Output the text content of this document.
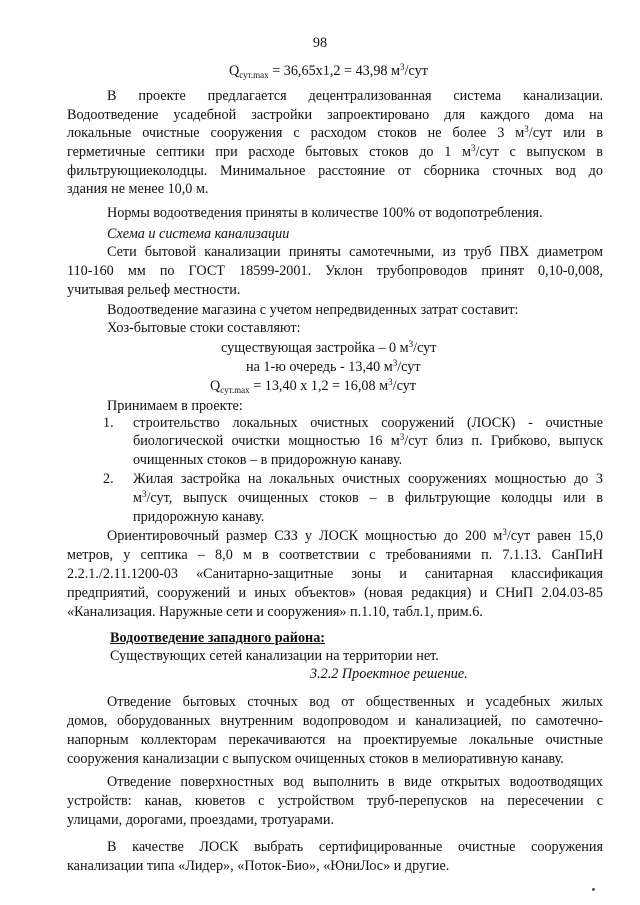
98
$Q_{сут.max} = 36,65x1,2 = 43,98$ $м^3$/сут
В проекте предлагается децентрализованная система канализации.
Водоотведение усадебной застройки запроектировано для каждого дома на
локальные очистные сооружения с расходом стоков не более 3 $м^3$/сут или в
герметичные септики при расходе бытовых стоков до 1 $м^3$/сут с выпуском в
фильтрующиеколодцы. Минимальное расстояние от сборника сточных вод до
здания не менее 10,0 м.
Нормы водоотведения приняты в количестве 100% от водопотребления.
Схема и система канализации
Сети бытовой канализации приняты самотечными, из труб ПВХ диаметром
110-160 мм по ГОСТ 18599-2001. Уклон трубопроводов принят 0,10-0,008,
учитывая рельеф местности.
Водоотведение магазина с учетом непредвиденных затрат составит:
Хоз-бытовые стоки составляют:
существующая застройка – 0 $м^3$/сут
на 1-ю очередь - 13,40 $м^3$/сут
$Q_{сут.max} = 13,40$ х 1,2 = 16,08 $м^3$/сут
Принимаем в проекте:
1. строительство локальных очистных сооружений (ЛОСК) - очистные
биологической очистки мощностью 16 $м^3$/сут близ п. Грибково, выпуск
очищенных стоков – в придорожную канаву.
2. Жилая застройка на локальных очистных сооружениях мощностью до 3
$м^3$/сут, выпуск очищенных стоков – в фильтрующие колодцы или в
придорожную канаву.
Ориентировочный размер СЗЗ у ЛОСК мощностью до 200 $м^3$/сут равен 15,0
метров, у септика – 8,0 м в соответствии с требованиями п. 7.1.13. СанПиН
2.2.1./2.11.1200-03 «Санитарно-защитные зоны и санитарная классификация
предприятий, сооружений и иных объектов» (новая редакция) и СНиП 2.04.03-85
«Канализация. Наружные сети и сооружения» п.1.10, табл.1, прим.6.
Водоотведение западного района:
Существующих сетей канализации на территории нет.
3.2.2 Проектное решение.
Отведение бытовых сточных вод от общественных и усадебных жилых
домов, оборудованных внутренним водопроводом и канализацией, по самотечно-
напорным коллекторам перекачиваются на проектируемые локальные очистные
сооружения канализации с выпуском очищенных стоков в мелиоративную канаву.
Отведение поверхностных вод выполнить в виде открытых водоотводящих
устройств: канав, кюветов с устройством труб-перепусков на пересечении с
улицами, дорогами, проездами, тротуарами.
В качестве ЛОСК выбрать сертифицированные очистные сооружения
канализации типа «Лидер», «Поток-Био», «ЮниЛос» и другие.
